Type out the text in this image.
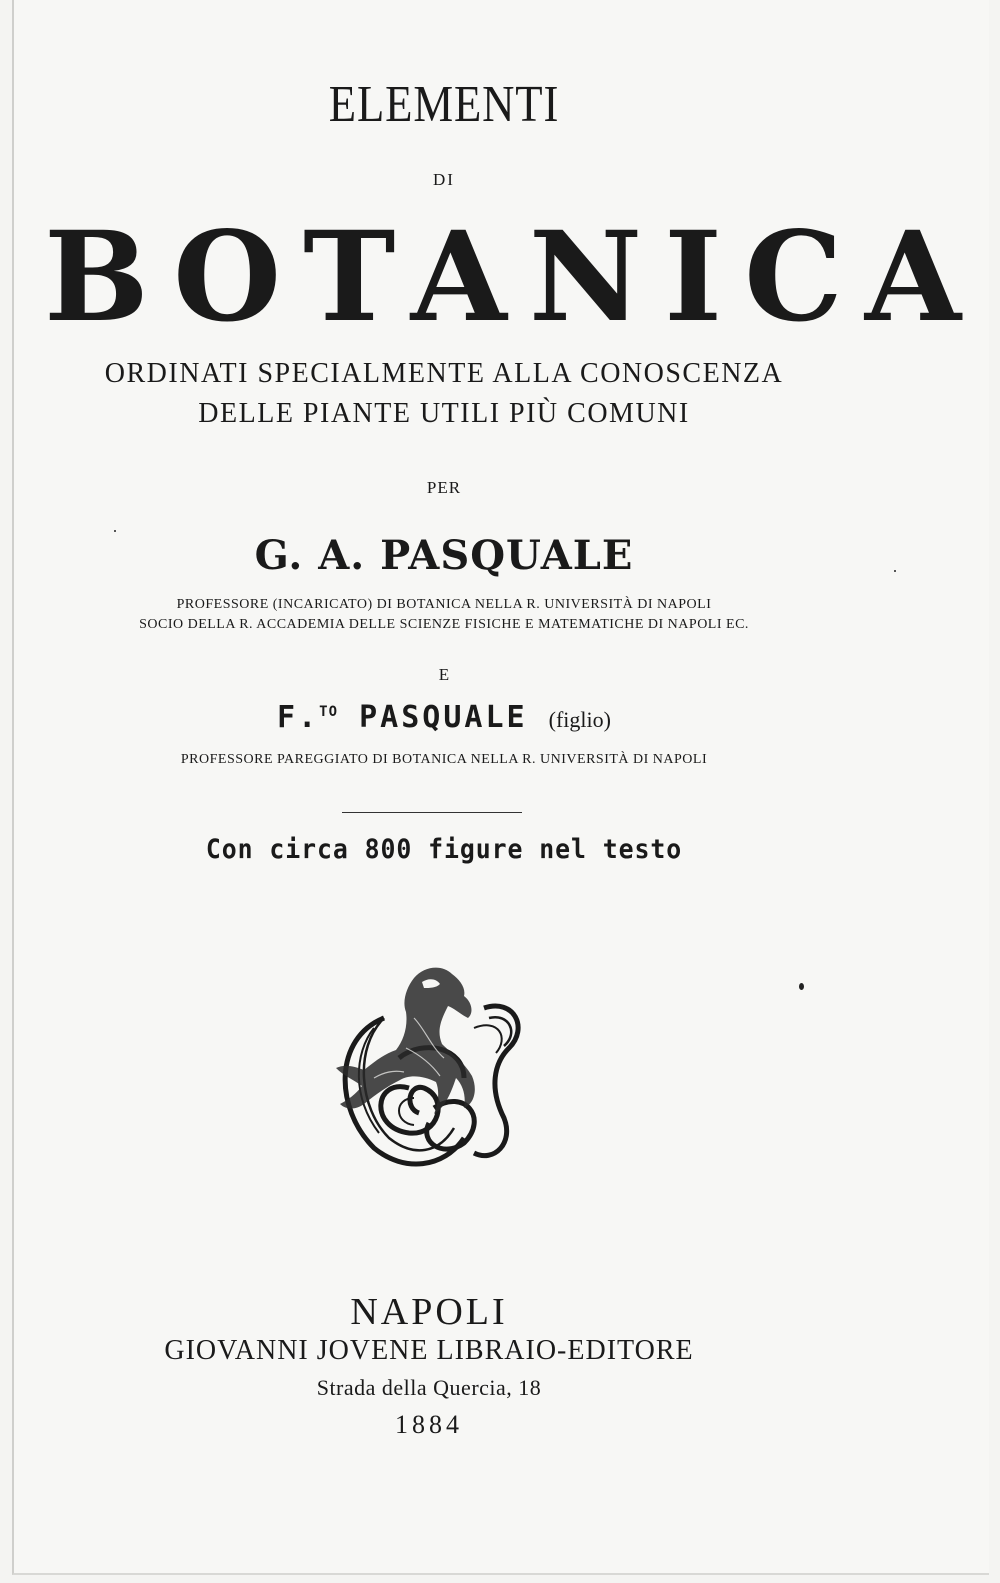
ELEMENTI
DI
BOTANICA
ORDINATI SPECIALMENTE ALLA CONOSCENZA
DELLE PIANTE UTILI PIÙ COMUNI
PER
G. A. PASQUALE
PROFESSORE (INCARICATO) DI BOTANICA NELLA R. UNIVERSITÀ DI NAPOLI
SOCIO DELLA R. ACCADEMIA DELLE SCIENZE FISICHE E MATEMATICHE DI NAPOLI EC.
E
F.$^{TO}$ PASQUALE (figlio)
PROFESSORE PAREGGIATO DI BOTANICA NELLA R. UNIVERSITÀ DI NAPOLI
Con circa 800 figure nel testo
NAPOLI
GIOVANNI JOVENE LIBRAIO-EDITORE
Strada della Quercia, 18
1884
